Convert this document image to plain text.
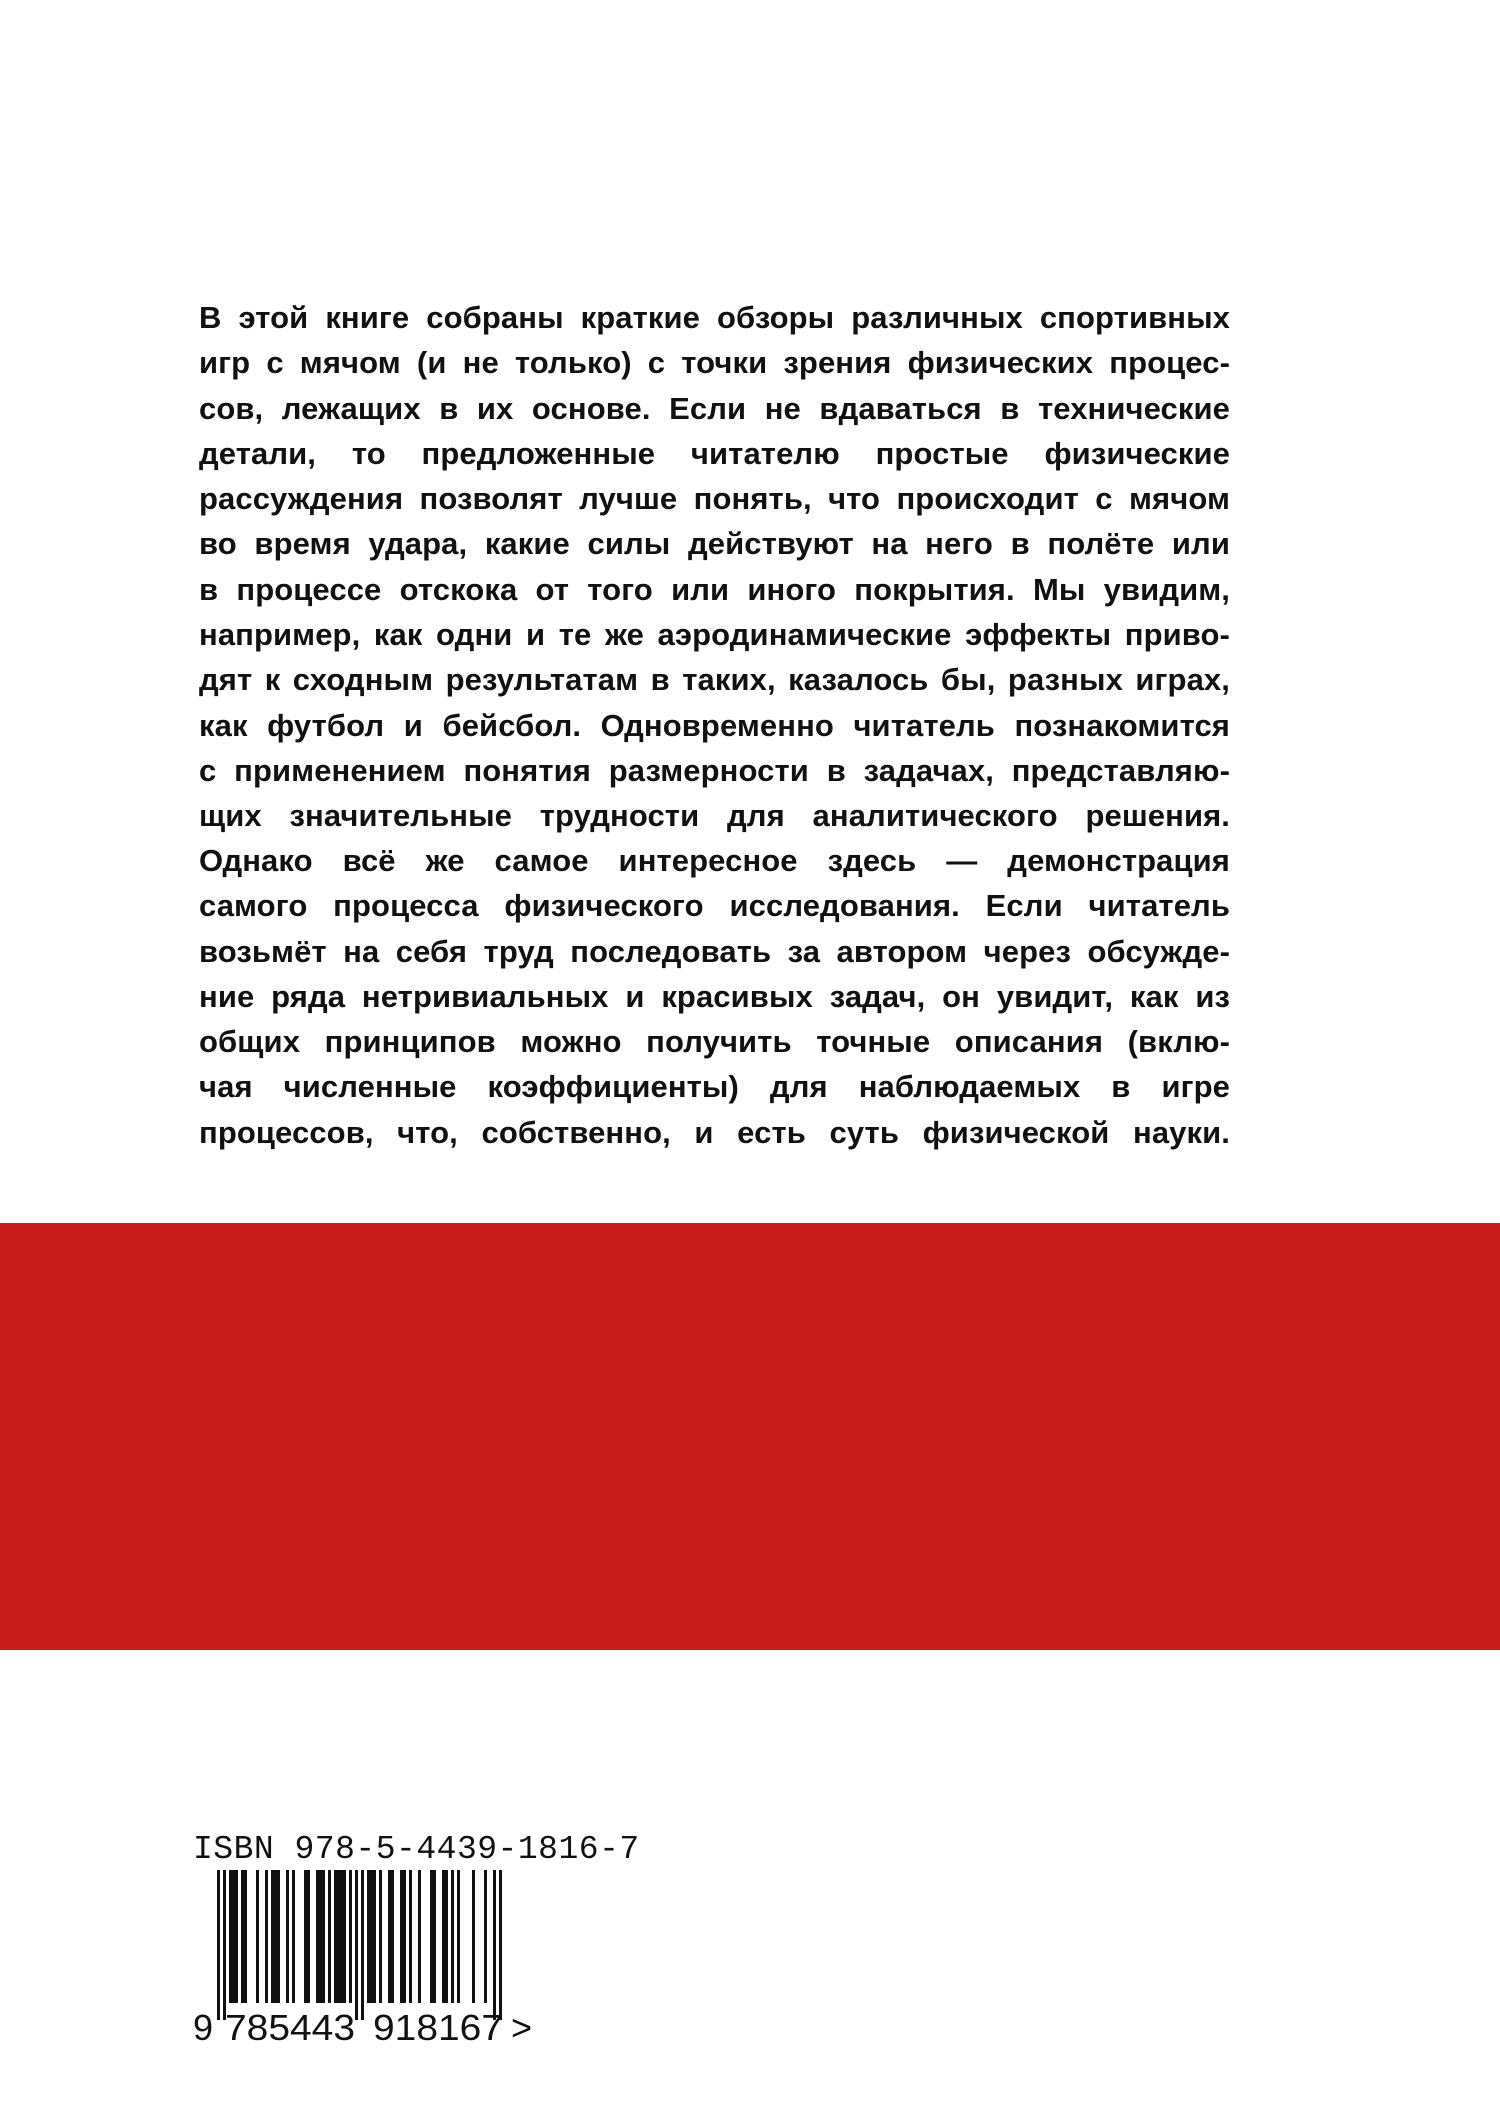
В этой книге собраны краткие обзоры различных спортивных
игр с мячом (и не только) с точки зрения физических процес-
сов, лежащих в их основе. Если не вдаваться в технические
детали, то предложенные читателю простые физические
рассуждения позволят лучше понять, что происходит с мячом
во время удара, какие силы действуют на него в полёте или
в процессе отскока от того или иного покрытия. Мы увидим,
например, как одни и те же аэродинамические эффекты приво-
дят к сходным результатам в таких, казалось бы, разных играх,
как футбол и бейсбол. Одновременно читатель познакомится
с применением понятия размерности в задачах, представляю-
щих значительные трудности для аналитического решения.
Однако всё же самое интересное здесь — демонстрация
самого процесса физического исследования. Если читатель
возьмёт на себя труд последовать за автором через обсужде-
ние ряда нетривиальных и красивых задач, он увидит, как из
общих принципов можно получить точные описания (вклю-
чая численные коэффициенты) для наблюдаемых в игре
процессов, что, собственно, и есть суть физической науки.
ISBN 978-5-4439-1816-7
9 785443 918167 >
